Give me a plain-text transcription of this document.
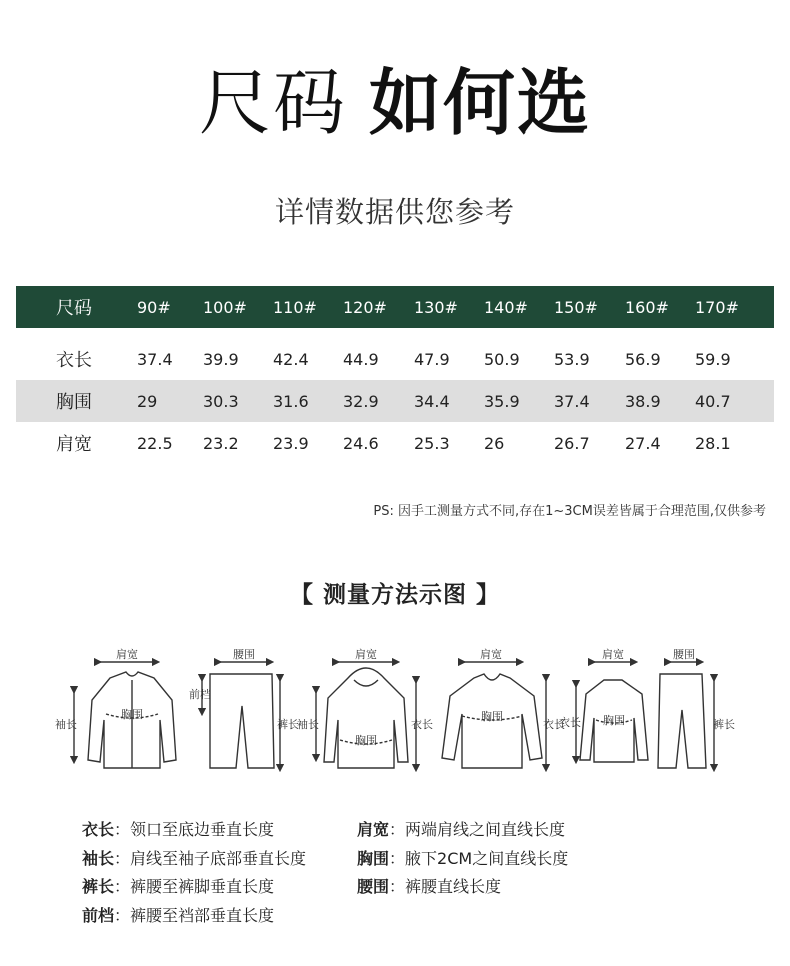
尺码 如何选
详情数据供您参考
尺码	90# 100# 110# 120# 130# 140# 150# 160# 170#
衣长	37.4 39.9 42.4 44.9 47.9 50.9 53.9 56.9 59.9
胸围	29	30.3 31.6 32.9 34.4 35.9 37.4 38.9 40.7
肩宽	22.5 23.2 23.9 24.6 25.3 26	26.7 27.4 28.1
PS: 因手工测量方式不同,存在1~3CM误差皆属于合理范围,仅供参考
【 测量方法示图 】
肩宽
胸围
袖长
腰围
前档
裤长
肩宽
胸围
袖长	衣长
肩宽
胸围
衣长
肩宽	腰围
胸围
衣长	裤长
衣长：领口至底边垂直长度
袖长：肩线至袖子底部垂直长度
裤长：裤腰至裤脚垂直长度
前档：裤腰至裆部垂直长度
肩宽：两端肩线之间直线长度
胸围：腋下2CM之间直线长度
腰围：裤腰直线长度
